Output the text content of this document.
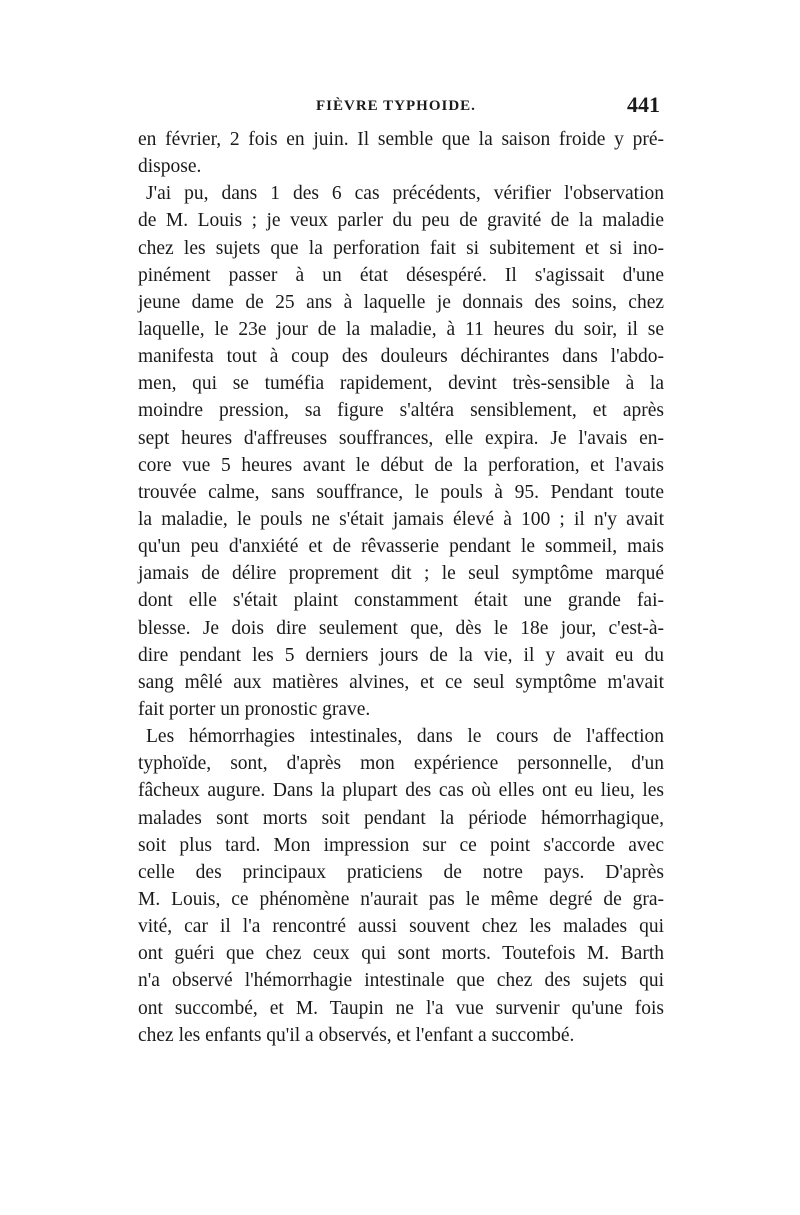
FIÈVRE TYPHOIDE.	441
en février, 2 fois en juin. Il semble que la saison froide y pré-
dispose.
J'ai pu, dans 1 des 6 cas précédents, vérifier l'observation
de M. Louis ; je veux parler du peu de gravité de la maladie
chez les sujets que la perforation fait si subitement et si ino-
pinément passer à un état désespéré. Il s'agissait d'une
jeune dame de 25 ans à laquelle je donnais des soins, chez
laquelle, le 23e jour de la maladie, à 11 heures du soir, il se
manifesta tout à coup des douleurs déchirantes dans l'abdo-
men, qui se tuméfia rapidement, devint très-sensible à la
moindre pression, sa figure s'altéra sensiblement, et après
sept heures d'affreuses souffrances, elle expira. Je l'avais en-
core vue 5 heures avant le début de la perforation, et l'avais
trouvée calme, sans souffrance, le pouls à 95. Pendant toute
la maladie, le pouls ne s'était jamais élevé à 100 ; il n'y avait
qu'un peu d'anxiété et de rêvasserie pendant le sommeil, mais
jamais de délire proprement dit ; le seul symptôme marqué
dont elle s'était plaint constamment était une grande fai-
blesse. Je dois dire seulement que, dès le 18e jour, c'est-à-
dire pendant les 5 derniers jours de la vie, il y avait eu du
sang mêlé aux matières alvines, et ce seul symptôme m'avait
fait porter un pronostic grave.
Les hémorrhagies intestinales, dans le cours de l'affection
typhoïde, sont, d'après mon expérience personnelle, d'un
fâcheux augure. Dans la plupart des cas où elles ont eu lieu, les
malades sont morts soit pendant la période hémorrhagique,
soit plus tard. Mon impression sur ce point s'accorde avec
celle des principaux praticiens de notre pays. D'après
M. Louis, ce phénomène n'aurait pas le même degré de gra-
vité, car il l'a rencontré aussi souvent chez les malades qui
ont guéri que chez ceux qui sont morts. Toutefois M. Barth
n'a observé l'hémorrhagie intestinale que chez des sujets qui
ont succombé, et M. Taupin ne l'a vue survenir qu'une fois
chez les enfants qu'il a observés, et l'enfant a succombé.
